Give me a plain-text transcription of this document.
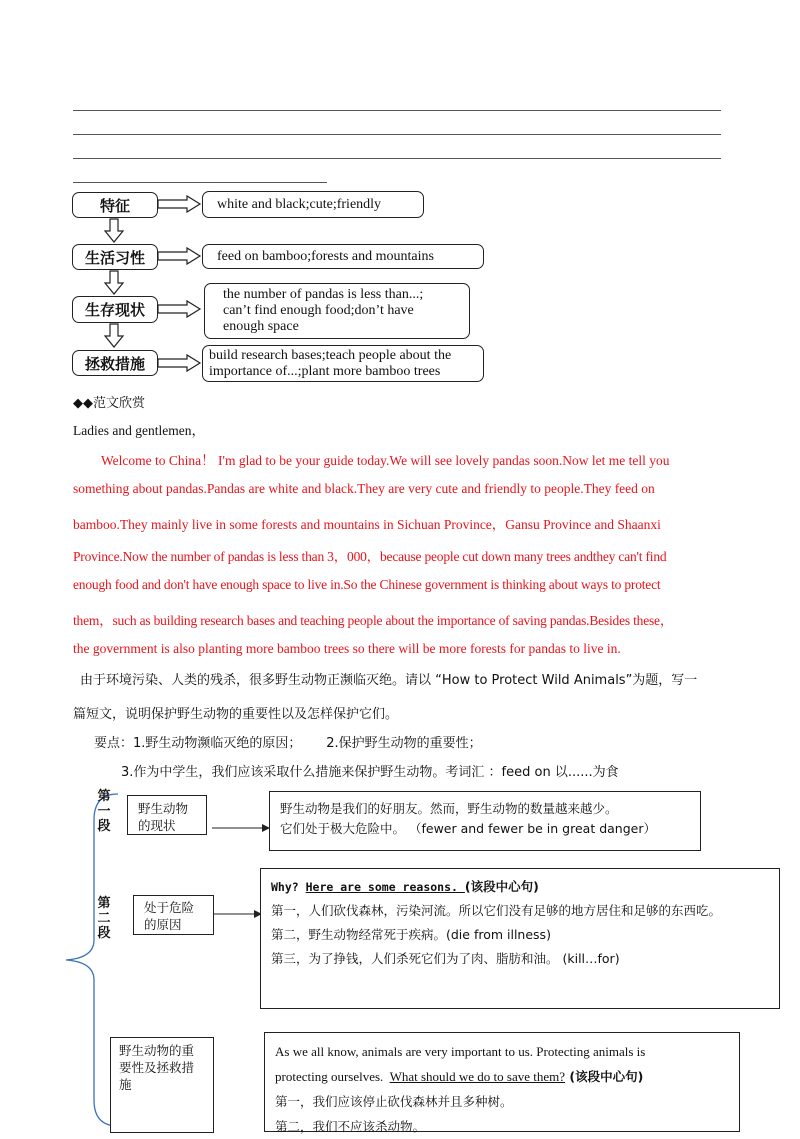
特征
生活习性
生存现状
拯救措施
white and black;cute;friendly
feed on bamboo;forests and mountains
the number of pandas is less than...;
can’t find enough food;don’t have
enough space
build research bases;teach people about the
importance of...;plant more bamboo trees
◆◆范文欣赏
Ladies and gentlemen，
Welcome to China！ I'm glad to be your guide today.We will see lovely pandas soon.Now let me tell you
something about pandas.Pandas are white and black.They are very cute and friendly to people.They feed on
bamboo.They mainly live in some forests and mountains in Sichuan Province，Gansu Province and Shaanxi
Province.Now the number of pandas is less than 3，000，because people cut down many trees andthey can't find
enough food and don't have enough space to live in.So the Chinese government is thinking about ways to protect
them，such as building research bases and teaching people about the importance of saving pandas.Besides these，
the government is also planting more bamboo trees so there will be more forests for pandas to live in.
由于环境污染、人类的残杀，很多野生动物正濒临灭绝。请以 “How to Protect Wild Animals”为题，写一
篇短文，说明保护野生动物的重要性以及怎样保护它们。
要点：1.野生动物濒临灭绝的原因；      2.保护野生动物的重要性；
3.作为中学生，我们应该采取什么措施来保护野生动物。考词汇 ：feed on 以......为食
第一段
第二段
野生动物的现状
野生动物是我们的好朋友。然而，野生动物的数量越来越少。
它们处于极大危险中。 （fewer and fewer be in great danger）
处于危险的原因
Why? Here are some reasons. (该段中心句)
第一，人们砍伐森林，污染河流。所以它们没有足够的地方居住和足够的东西吃。
第二，野生动物经常死于疾病。(die from illness)
第三，为了挣钱，人们杀死它们为了肉、脂肪和油。 (kill…for)
野生动物的重要性及拯救措施
As we all know, animals are very important to us. Protecting animals is
protecting ourselves.  What should we do to save them? (该段中心句)
第一，我们应该停止砍伐森林并且多种树。
第二，我们不应该杀动物。
